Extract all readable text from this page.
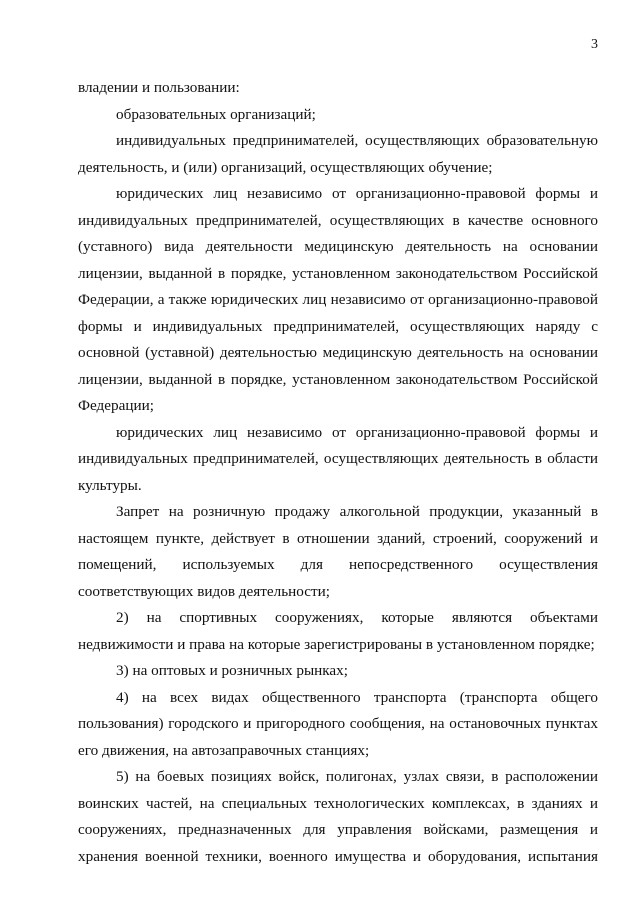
3

владении и пользовании:

образовательных организаций;

индивидуальных предпринимателей, осуществляющих образовательную деятельность, и (или) организаций, осуществляющих обучение;

юридических лиц независимо от организационно-правовой формы и индивидуальных предпринимателей, осуществляющих в качестве основного (уставного) вида деятельности медицинскую деятельность на основании лицензии, выданной в порядке, установленном законодательством Российской Федерации, а также юридических лиц независимо от организационно-правовой формы и индивидуальных предпринимателей, осуществляющих наряду с основной (уставной) деятельностью медицинскую деятельность на основании лицензии, выданной в порядке, установленном законодательством Российской Федерации;

юридических лиц независимо от организационно-правовой формы и индивидуальных предпринимателей, осуществляющих деятельность в области культуры.

Запрет на розничную продажу алкогольной продукции, указанный в настоящем пункте, действует в отношении зданий, строений, сооружений и помещений, используемых для непосредственного осуществления соответствующих видов деятельности;

2) на спортивных сооружениях, которые являются объектами недвижимости и права на которые зарегистрированы в установленном порядке;

3) на оптовых и розничных рынках;

4) на всех видах общественного транспорта (транспорта общего пользования) городского и пригородного сообщения, на остановочных пунктах его движения, на автозаправочных станциях;

5) на боевых позициях войск, полигонах, узлах связи, в расположении воинских частей, на специальных технологических комплексах, в зданиях и сооружениях, предназначенных для управления войсками, размещения и хранения военной техники, военного имущества и оборудования, испытания
